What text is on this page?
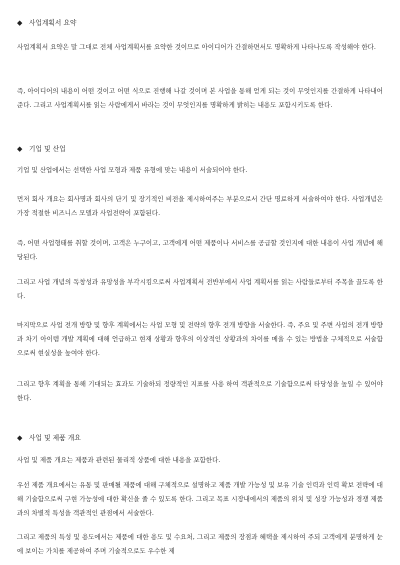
◆ 사업계획서 요약
사업계획서 요약은 말 그대로 전체 사업계획서를 요약한 것이므로 아이디어가 간결하면서도 명확하게 나타나도록 작성해야 한다.
즉, 아이디어의 내용이 어떤 것이고 어떤 식으로 진행해 나갈 것이며 본 사업을 통해 얻게 되는 것이 무엇인지를 간결하게 나타내어 준다. 그리고 사업계획서를 읽는 사람에게서 바라는 것이 무엇인지를 명확하게 밝히는 내용도 포함시키도록 한다.
◆ 기업 및 산업
기업 및 산업에서는 선택한 사업 모형과 제품 유형에 맞는 내용이 서술되어야 한다.
먼저 회사 개요는 회사명과 회사의 단기 및 장기적인 비전을 제시하여주는 부분으로서 간단 명료하게 서술하여야 한다. 사업개념은 가장 적절한 비즈니스 모델과 사업전략이 포함된다.
즉, 어떤 사업형태를 취할 것이며, 고객은 누구이고, 고객에게 어떤 제품이나 서비스를 공급할 것인지에 대한 내용이 사업 개념에 해당된다.
그리고 사업 개념의 독창성과 유망성을 부각시킴으로써 사업계획서 전반부에서 사업 계획서를 읽는 사람들로부터 주목을 끌도록 한다.
마지막으로 사업 전개 방향 및 향후 계획에서는 사업 모형 및 전략의 향후 전개 방향을 서술한다. 즉, 주요 및 주변 사업의 전개 방향과 차기 아이템 개발 계획에 대해 언급하고 현재 상황과 향후의 이상적인 상황과의 차이를 메울 수 있는 방법을 구체적으로 서술함으로써 현실성을 높여야 한다.
그리고 향후 계획을 통해 기대되는 효과도 기술하되 정량적인 지표를 사용 하여 객관적으로 기술함으로써 타당성을 높일 수 있어야 한다.
◆ 사업 및 제품 개요
사업 및 제품 개요는 제품과 관련된 물리적 상품에 대한 내용을 포함한다.
우선 제품 개요에서는 유통 및 판매될 제품에 대해 구체적으로 설명하고 제품 개발 가능성 및 보유 기술 인력과 인력 확보 전략에 대해 기술함으로써 구현 가능성에 대한 확신을 줄 수 있도록 한다. 그리고 목표 시장내에서의 제품의 위치 및 성장 가능성과 경쟁 제품과의 차별적 특성을 객관적인 관점에서 서술한다.
그리고 제품의 특성 및 용도에서는 제품에 대한 용도 및 수요처, 그리고 제품의 장점과 혜택을 제시하여 주되 고객에게 분명하게 눈에 보이는 가치를 제공하여 주며 기술적으로도 우수한 제
